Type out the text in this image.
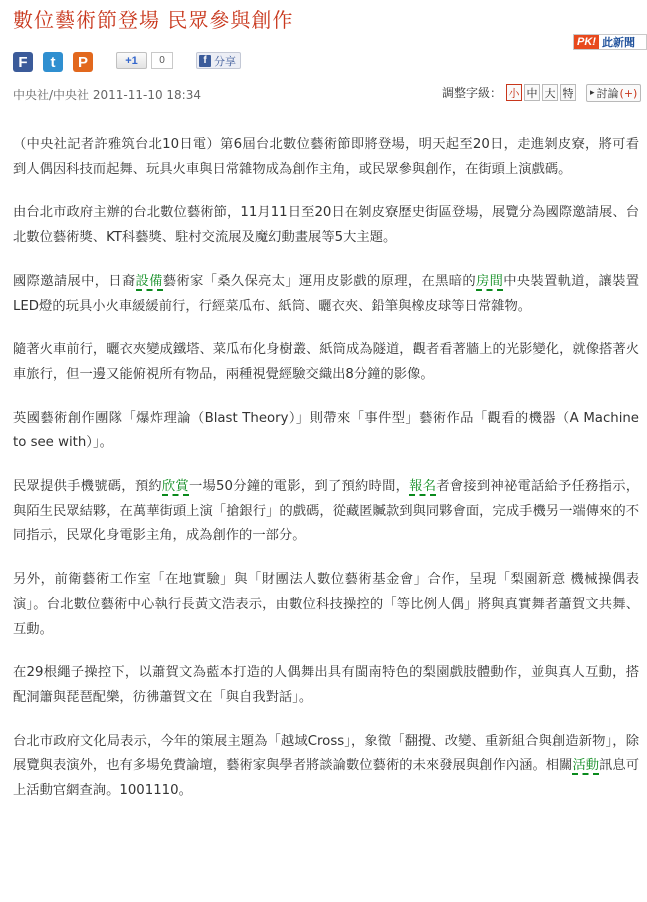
數位藝術節登場 民眾參與創作
PK! 此新聞
F	t	P	+1	0	f 分享
中央社/中央社 2011-11-10 18:34	調整字級： 小 中 大 特 ▸ 討論 (+)

（中央社記者許雅筑台北10日電）第6屆台北數位藝術節即將登場，明天起至20日，走進剝皮寮，將可看到人偶因科技而起舞、玩具火車與日常雜物成為創作主角，或民眾參與創作，在街頭上演戲碼。

由台北市政府主辦的台北數位藝術節，11月11日至20日在剝皮寮歷史街區登場，展覽分為國際邀請展、台北數位藝術獎、KT科藝獎、駐村交流展及魔幻動畫展等5大主題。

國際邀請展中，日裔設備藝術家「桑久保亮太」運用皮影戲的原理，在黑暗的房間中央裝置軌道，讓裝置LED燈的玩具小火車緩緩前行，行經菜瓜布、紙筒、曬衣夾、鉛筆與橡皮球等日常雜物。

隨著火車前行，曬衣夾變成鐵塔、菜瓜布化身樹叢、紙筒成為隧道，觀者看著牆上的光影變化，就像搭著火車旅行，但一邊又能俯視所有物品，兩種視覺經驗交織出8分鐘的影像。

英國藝術創作團隊「爆炸理論（Blast Theory）」則帶來「事件型」藝術作品「觀看的機器（A Machine to see with）」。

民眾提供手機號碼，預約欣賞一場50分鐘的電影，到了預約時間，報名者會接到神祕電話給予任務指示，與陌生民眾結夥，在萬華街頭上演「搶銀行」的戲碼，從藏匿贓款到與同夥會面，完成手機另一端傳來的不同指示，民眾化身電影主角，成為創作的一部分。

另外，前衛藝術工作室「在地實驗」與「財團法人數位藝術基金會」合作，呈現「梨園新意 機械操偶表演」。台北數位藝術中心執行長黃文浩表示，由數位科技操控的「等比例人偶」將與真實舞者蕭賀文共舞、互動。

在29根繩子操控下，以蕭賀文為藍本打造的人偶舞出具有閩南特色的梨園戲肢體動作，並與真人互動，搭配洞簫與琵琶配樂，彷彿蕭賀文在「與自我對話」。

台北市政府文化局表示，今年的策展主題為「越域Cross」，象徵「翻攪、改變、重新組合與創造新物」，除展覽與表演外，也有多場免費論壇，藝術家與學者將談論數位藝術的未來發展與創作內涵。相關活動訊息可上活動官網查詢。1001110。
